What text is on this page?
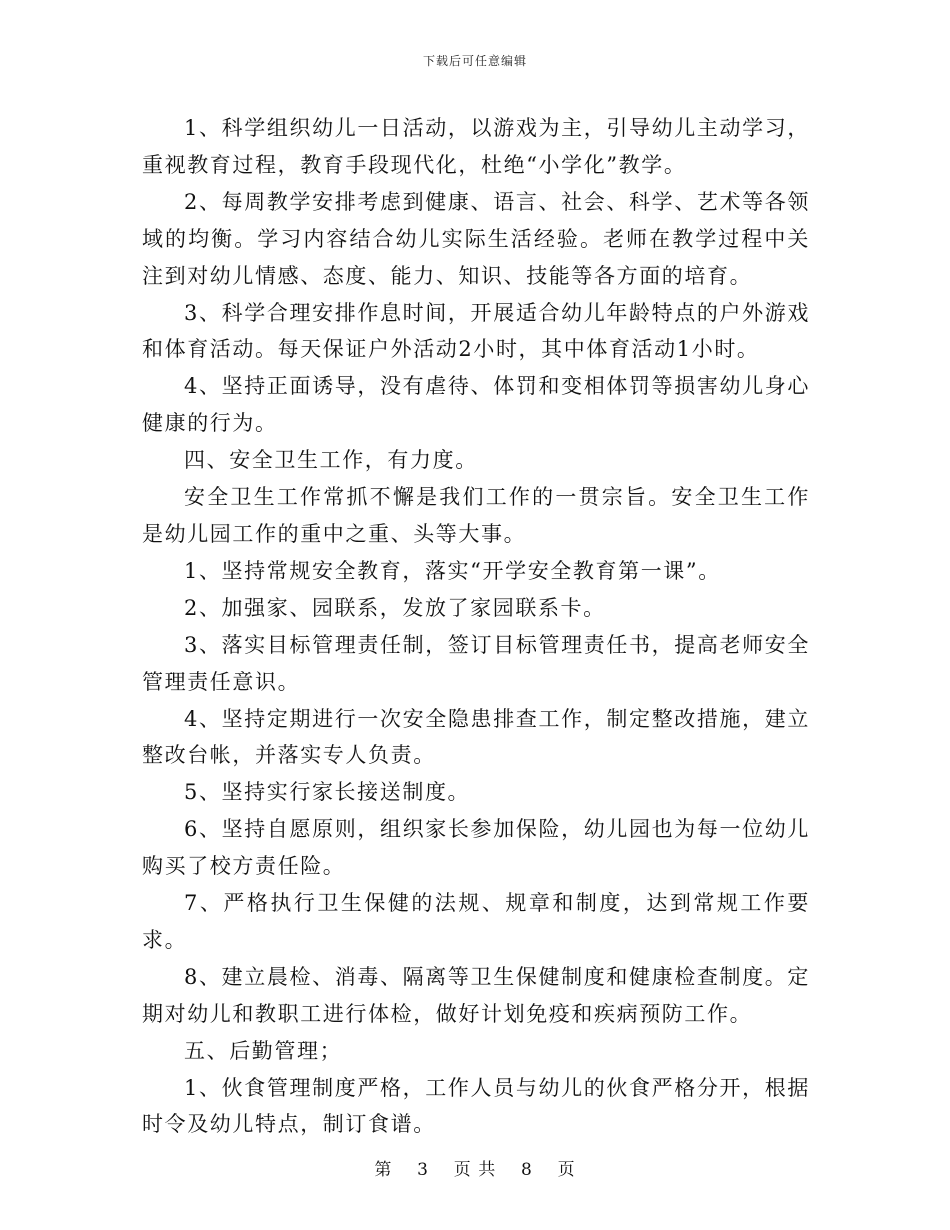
下载后可任意编辑

1、科学组织幼儿一日活动，以游戏为主，引导幼儿主动学习，重视教育过程，教育手段现代化，杜绝“小学化”教学。

2、每周教学安排考虑到健康、语言、社会、科学、艺术等各领域的均衡。学习内容结合幼儿实际生活经验。老师在教学过程中关注到对幼儿情感、态度、能力、知识、技能等各方面的培育。

3、科学合理安排作息时间，开展适合幼儿年龄特点的户外游戏和体育活动。每天保证户外活动2小时，其中体育活动1小时。

4、坚持正面诱导，没有虐待、体罚和变相体罚等损害幼儿身心健康的行为。

四、安全卫生工作，有力度。

安全卫生工作常抓不懈是我们工作的一贯宗旨。安全卫生工作是幼儿园工作的重中之重、头等大事。

1、坚持常规安全教育，落实“开学安全教育第一课”。

2、加强家、园联系，发放了家园联系卡。

3、落实目标管理责任制，签订目标管理责任书，提高老师安全管理责任意识。

4、坚持定期进行一次安全隐患排查工作，制定整改措施，建立整改台帐，并落实专人负责。

5、坚持实行家长接送制度。

6、坚持自愿原则，组织家长参加保险，幼儿园也为每一位幼儿购买了校方责任险。

7、严格执行卫生保健的法规、规章和制度，达到常规工作要求。

8、建立晨检、消毒、隔离等卫生保健制度和健康检查制度。定期对幼儿和教职工进行体检，做好计划免疫和疾病预防工作。

五、后勤管理；

1、伙食管理制度严格，工作人员与幼儿的伙食严格分开，根据时令及幼儿特点，制订食谱。

第 3 页 共 8 页
